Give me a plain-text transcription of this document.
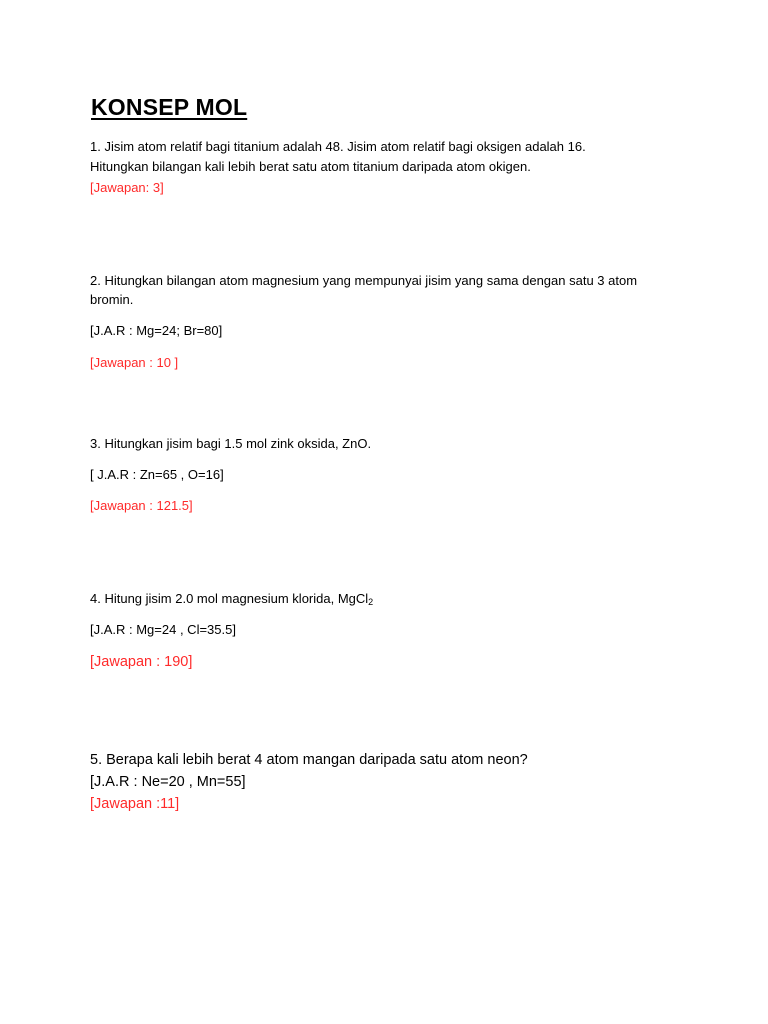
KONSEP MOL
1. Jisim atom relatif bagi titanium adalah 48. Jisim atom relatif bagi oksigen adalah 16.
Hitungkan bilangan kali lebih berat satu atom titanium daripada atom okigen.
[Jawapan: 3]
2. Hitungkan bilangan atom magnesium yang mempunyai jisim yang sama dengan satu 3 atom
bromin.
[J.A.R : Mg=24; Br=80]
[Jawapan : 10 ]
3. Hitungkan jisim bagi 1.5 mol zink oksida, ZnO.
[ J.A.R : Zn=65 , O=16]
[Jawapan : 121.5]
4. Hitung jisim 2.0 mol magnesium klorida, MgCl$_2$
[J.A.R : Mg=24 , Cl=35.5]
[Jawapan : 190]
5. Berapa kali lebih berat 4 atom mangan daripada satu atom neon?
[J.A.R : Ne=20 , Mn=55]
[Jawapan :11]
